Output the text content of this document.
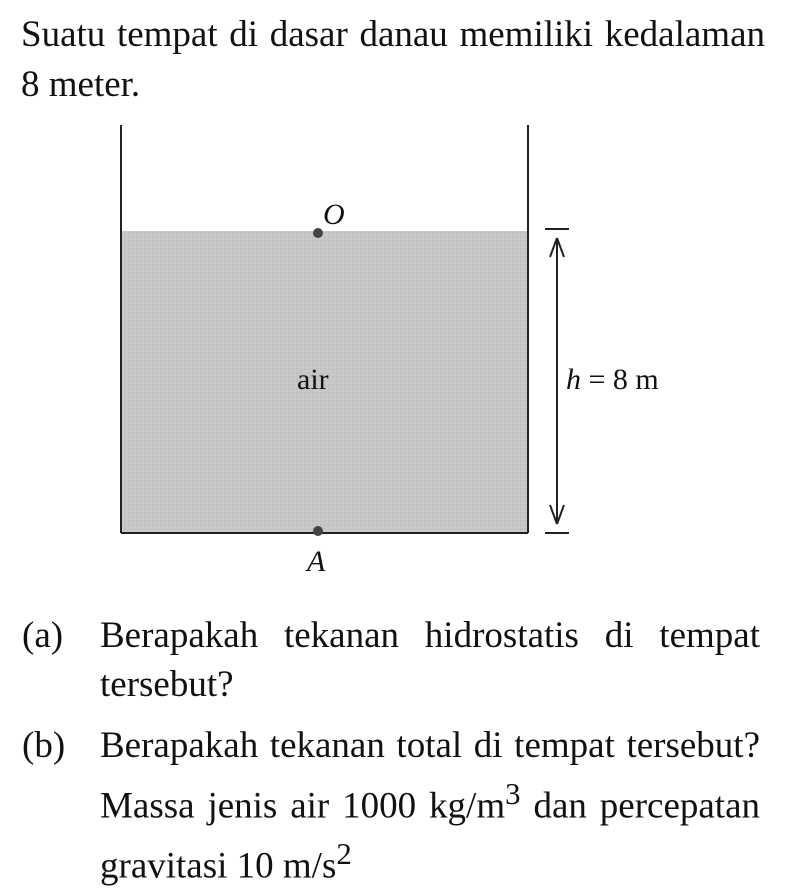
Suatu tempat di dasar danau memiliki kedalaman 8 meter.
O
A
air	h = 8 m
(a) Berapakah tekanan hidrostatis di tempat tersebut?
(b) Berapakah tekanan total di tempat tersebut? Massa jenis air 1000 $kg/m^3$ dan percepatan gravitasi 10 $m/s^2$
